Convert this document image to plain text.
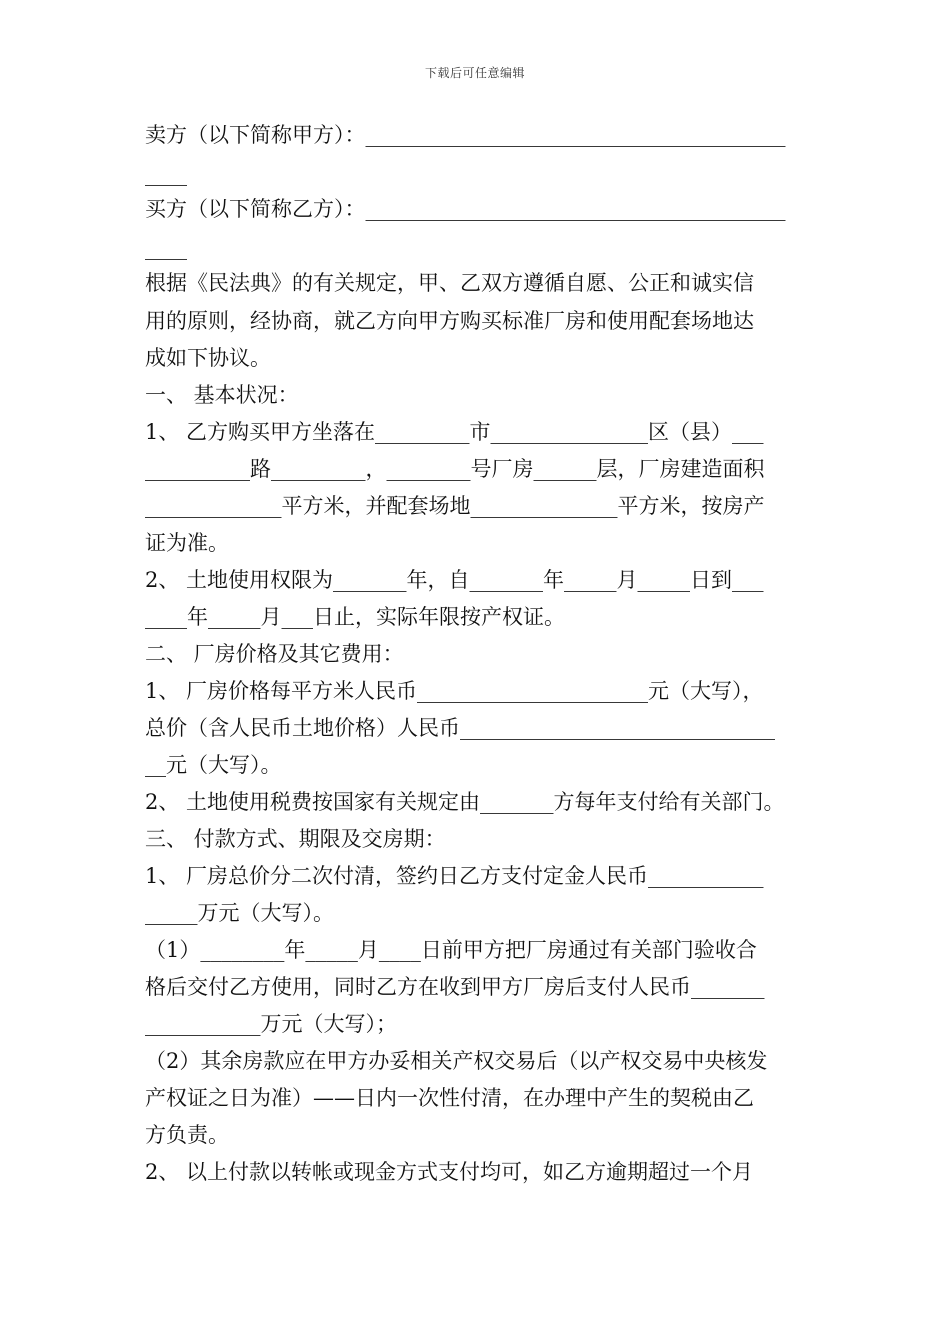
下载后可任意编辑
卖方（以下简称甲方）：________________________________________
____
买方（以下简称乙方）：________________________________________
____
根据《民法典》的有关规定，甲、乙双方遵循自愿、公正和诚实信
用的原则，经协商，就乙方向甲方购买标准厂房和使用配套场地达
成如下协议。
一、 基本状况：
1、 乙方购买甲方坐落在_________市_______________区（县）___
__________路_________，________号厂房______层，厂房建造面积
_____________平方米，并配套场地______________平方米，按房产
证为准。
2、 土地使用权限为_______年，自_______年_____月_____日到___
____年_____月___日止，实际年限按产权证。
二、 厂房价格及其它费用：
1、 厂房价格每平方米人民币______________________元（大写），
总价（含人民币土地价格）人民币______________________________
__元（大写）。
2、 土地使用税费按国家有关规定由_______方每年支付给有关部门。
三、 付款方式、期限及交房期：
1、 厂房总价分二次付清，签约日乙方支付定金人民币___________
_____万元（大写）。
（1）________年_____月____日前甲方把厂房通过有关部门验收合
格后交付乙方使用，同时乙方在收到甲方厂房后支付人民币_______
___________万元（大写）；
（2）其余房款应在甲方办妥相关产权交易后（以产权交易中央核发
产权证之日为准）——日内一次性付清，在办理中产生的契税由乙
方负责。
2、 以上付款以转帐或现金方式支付均可，如乙方逾期超过一个月
